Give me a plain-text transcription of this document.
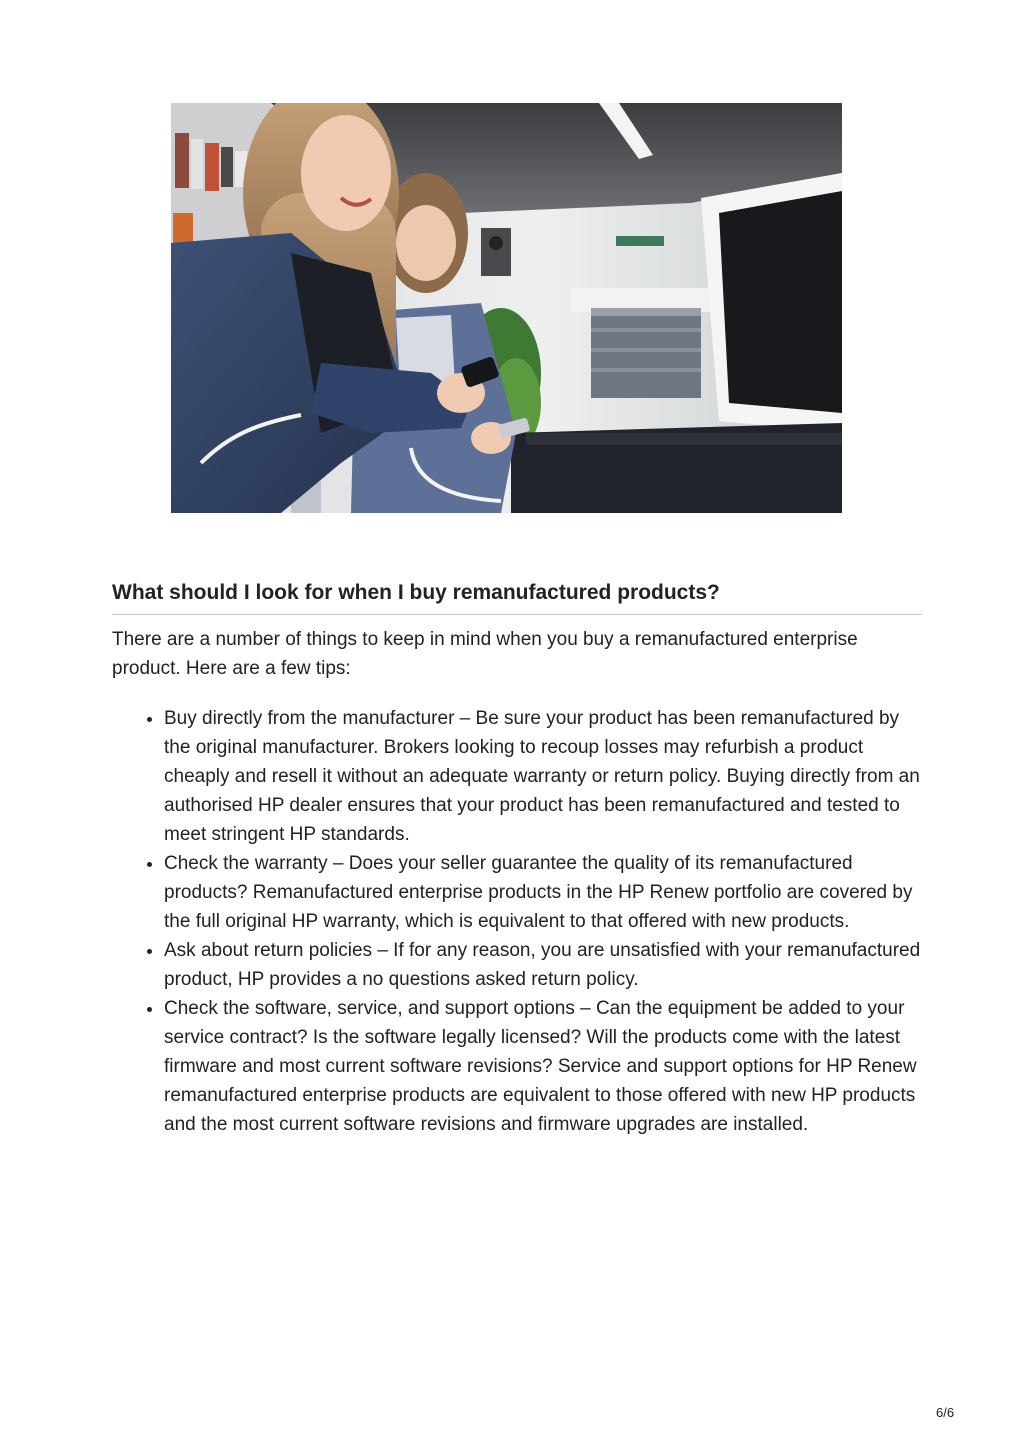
What should I look for when I buy remanufactured products?

There are a number of things to keep in mind when you buy a remanufactured enterprise product. Here are a few tips:

• Buy directly from the manufacturer – Be sure your product has been remanufactured by the original manufacturer. Brokers looking to recoup losses may refurbish a product cheaply and resell it without an adequate warranty or return policy. Buying directly from an authorised HP dealer ensures that your product has been remanufactured and tested to meet stringent HP standards.
• Check the warranty – Does your seller guarantee the quality of its remanufactured products? Remanufactured enterprise products in the HP Renew portfolio are covered by the full original HP warranty, which is equivalent to that offered with new products.
• Ask about return policies – If for any reason, you are unsatisfied with your remanufactured product, HP provides a no questions asked return policy.
• Check the software, service, and support options – Can the equipment be added to your service contract? Is the software legally licensed? Will the products come with the latest firmware and most current software revisions? Service and support options for HP Renew remanufactured enterprise products are equivalent to those offered with new HP products and the most current software revisions and firmware upgrades are installed.
6/6
